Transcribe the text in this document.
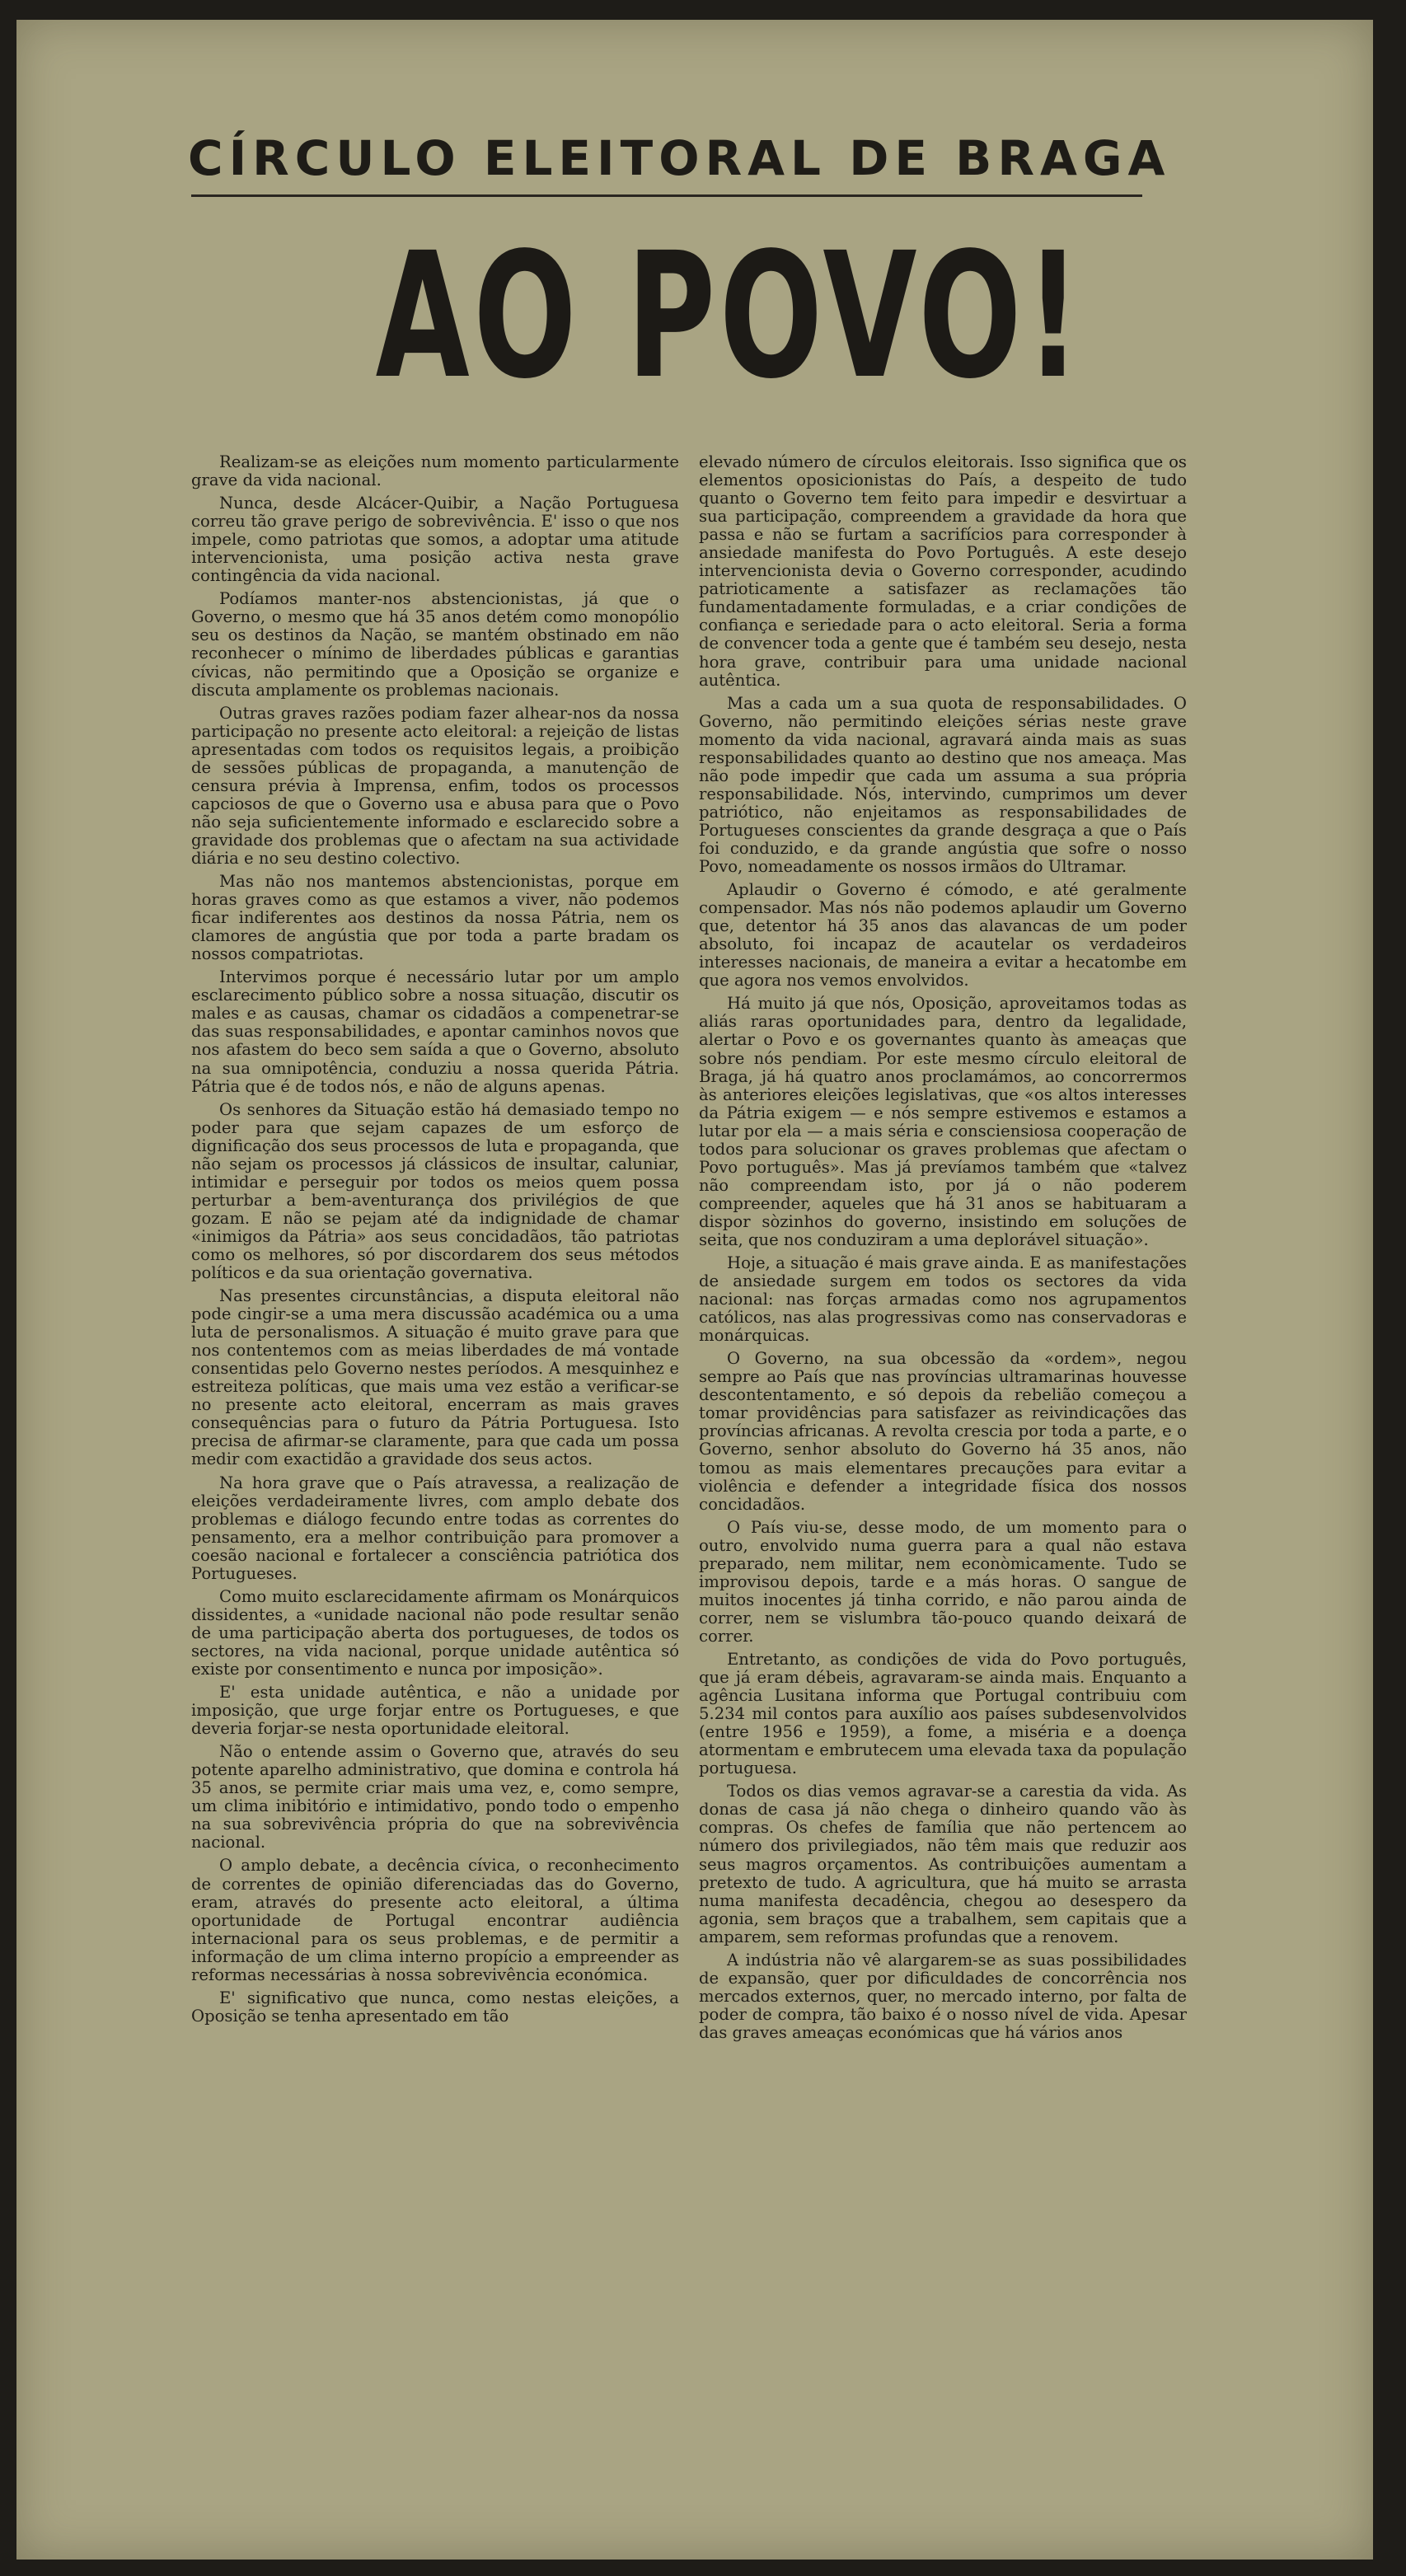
CÍRCULO ELEITORAL DE BRAGA
AO POVO!

Realizam-se as eleições num momento particularmente grave da vida nacional.

Nunca, desde Alcácer-Quibir, a Nação Portuguesa correu tão grave perigo de sobrevivência. E' isso o que nos impele, como patriotas que somos, a adoptar uma atitude intervencionista, uma posição activa nesta grave contingência da vida nacional.

Podíamos manter-nos abstencionistas, já que o Governo, o mesmo que há 35 anos detém como monopólio seu os destinos da Nação, se mantém obstinado em não reconhecer o mínimo de liberdades públicas e garantias cívicas, não permitindo que a Oposição se organize e discuta amplamente os problemas nacionais.

Outras graves razões podiam fazer alhear-nos da nossa participação no presente acto eleitoral: a rejeição de listas apresentadas com todos os requisitos legais, a proibição de sessões públicas de propaganda, a manutenção de censura prévia à Imprensa, enfim, todos os processos capciosos de que o Governo usa e abusa para que o Povo não seja suficientemente informado e esclarecido sobre a gravidade dos problemas que o afectam na sua actividade diária e no seu destino colectivo.

Mas não nos mantemos abstencionistas, porque em horas graves como as que estamos a viver, não podemos ficar indiferentes aos destinos da nossa Pátria, nem os clamores de angústia que por toda a parte bradam os nossos compatriotas.

Intervimos porque é necessário lutar por um amplo esclarecimento público sobre a nossa situação, discutir os males e as causas, chamar os cidadãos a compenetrar-se das suas responsabilidades, e apontar caminhos novos que nos afastem do beco sem saída a que o Governo, absoluto na sua omnipotência, conduziu a nossa querida Pátria. Pátria que é de todos nós, e não de alguns apenas.

Os senhores da Situação estão há demasiado tempo no poder para que sejam capazes de um esforço de dignificação dos seus processos de luta e propaganda, que não sejam os processos já clássicos de insultar, caluniar, intimidar e perseguir por todos os meios quem possa perturbar a bem-aventurança dos privilégios de que gozam. E não se pejam até da indignidade de chamar «inimigos da Pátria» aos seus concidadãos, tão patriotas como os melhores, só por discordarem dos seus métodos políticos e da sua orientação governativa.

Nas presentes circunstâncias, a disputa eleitoral não pode cingir-se a uma mera discussão académica ou a uma luta de personalismos. A situação é muito grave para que nos contentemos com as meias liberdades de má vontade consentidas pelo Governo nestes períodos. A mesquinhez e estreiteza políticas, que mais uma vez estão a verificar-se no presente acto eleitoral, encerram as mais graves consequências para o futuro da Pátria Portuguesa. Isto precisa de afirmar-se claramente, para que cada um possa medir com exactidão a gravidade dos seus actos.

Na hora grave que o País atravessa, a realização de eleições verdadeiramente livres, com amplo debate dos problemas e diálogo fecundo entre todas as correntes do pensamento, era a melhor contribuição para promover a coesão nacional e fortalecer a consciência patriótica dos Portugueses.

Como muito esclarecidamente afirmam os Monárquicos dissidentes, a «unidade nacional não pode resultar senão de uma participação aberta dos portugueses, de todos os sectores, na vida nacional, porque unidade autêntica só existe por consentimento e nunca por imposição».

E' esta unidade autêntica, e não a unidade por imposição, que urge forjar entre os Portugueses, e que deveria forjar-se nesta oportunidade eleitoral.

Não o entende assim o Governo que, através do seu potente aparelho administrativo, que domina e controla há 35 anos, se permite criar mais uma vez, e, como sempre, um clima inibitório e intimidativo, pondo todo o empenho na sua sobrevivência própria do que na sobrevivência nacional.

O amplo debate, a decência cívica, o reconhecimento de correntes de opinião diferenciadas das do Governo, eram, através do presente acto eleitoral, a última oportunidade de Portugal encontrar audiência internacional para os seus problemas, e de permitir a informação de um clima interno propício a empreender as reformas necessárias à nossa sobrevivência económica.

E' significativo que nunca, como nestas eleições, a Oposição se tenha apresentado em tão

elevado número de círculos eleitorais. Isso significa que os elementos oposicionistas do País, a despeito de tudo quanto o Governo tem feito para impedir e desvirtuar a sua participação, compreendem a gravidade da hora que passa e não se furtam a sacrifícios para corresponder à ansiedade manifesta do Povo Português. A este desejo intervencionista devia o Governo corresponder, acudindo patrioticamente a satisfazer as reclamações tão fundamentadamente formuladas, e a criar condições de confiança e seriedade para o acto eleitoral. Seria a forma de convencer toda a gente que é também seu desejo, nesta hora grave, contribuir para uma unidade nacional autêntica.

Mas a cada um a sua quota de responsabilidades. O Governo, não permitindo eleições sérias neste grave momento da vida nacional, agravará ainda mais as suas responsabilidades quanto ao destino que nos ameaça. Mas não pode impedir que cada um assuma a sua própria responsabilidade. Nós, intervindo, cumprimos um dever patriótico, não enjeitamos as responsabilidades de Portugueses conscientes da grande desgraça a que o País foi conduzido, e da grande angústia que sofre o nosso Povo, nomeadamente os nossos irmãos do Ultramar.

Aplaudir o Governo é cómodo, e até geralmente compensador. Mas nós não podemos aplaudir um Governo que, detentor há 35 anos das alavancas de um poder absoluto, foi incapaz de acautelar os verdadeiros interesses nacionais, de maneira a evitar a hecatombe em que agora nos vemos envolvidos.

Há muito já que nós, Oposição, aproveitamos todas as aliás raras oportunidades para, dentro da legalidade, alertar o Povo e os governantes quanto às ameaças que sobre nós pendiam. Por este mesmo círculo eleitoral de Braga, já há quatro anos proclamámos, ao concorrermos às anteriores eleições legislativas, que «os altos interesses da Pátria exigem — e nós sempre estivemos e estamos a lutar por ela — a mais séria e consciensiosa cooperação de todos para solucionar os graves problemas que afectam o Povo português». Mas já prevíamos também que «talvez não compreendam isto, por já o não poderem compreender, aqueles que há 31 anos se habituaram a dispor sòzinhos do governo, insistindo em soluções de seita, que nos conduziram a uma deplorável situação».

Hoje, a situação é mais grave ainda. E as manifestações de ansiedade surgem em todos os sectores da vida nacional: nas forças armadas como nos agrupamentos católicos, nas alas progressivas como nas conservadoras e monárquicas.

O Governo, na sua obcessão da «ordem», negou sempre ao País que nas províncias ultramarinas houvesse descontentamento, e só depois da rebelião começou a tomar providências para satisfazer as reivindicações das províncias africanas. A revolta crescia por toda a parte, e o Governo, senhor absoluto do Governo há 35 anos, não tomou as mais elementares precauções para evitar a violência e defender a integridade física dos nossos concidadãos.

O País viu-se, desse modo, de um momento para o outro, envolvido numa guerra para a qual não estava preparado, nem militar, nem econòmicamente. Tudo se improvisou depois, tarde e a más horas. O sangue de muitos inocentes já tinha corrido, e não parou ainda de correr, nem se vislumbra tão-pouco quando deixará de correr.

Entretanto, as condições de vida do Povo português, que já eram débeis, agravaram-se ainda mais. Enquanto a agência Lusitana informa que Portugal contribuiu com 5.234 mil contos para auxílio aos países subdesenvolvidos (entre 1956 e 1959), a fome, a miséria e a doença atormentam e embrutecem uma elevada taxa da população portuguesa.

Todos os dias vemos agravar-se a carestia da vida. As donas de casa já não chega o dinheiro quando vão às compras. Os chefes de família que não pertencem ao número dos privilegiados, não têm mais que reduzir aos seus magros orçamentos. As contribuições aumentam a pretexto de tudo. A agricultura, que há muito se arrasta numa manifesta decadência, chegou ao desespero da agonia, sem braços que a trabalhem, sem capitais que a amparem, sem reformas profundas que a renovem.

A indústria não vê alargarem-se as suas possibilidades de expansão, quer por dificuldades de concorrência nos mercados externos, quer, no mercado interno, por falta de poder de compra, tão baixo é o nosso nível de vida. Apesar das graves ameaças económicas que há vários anos
